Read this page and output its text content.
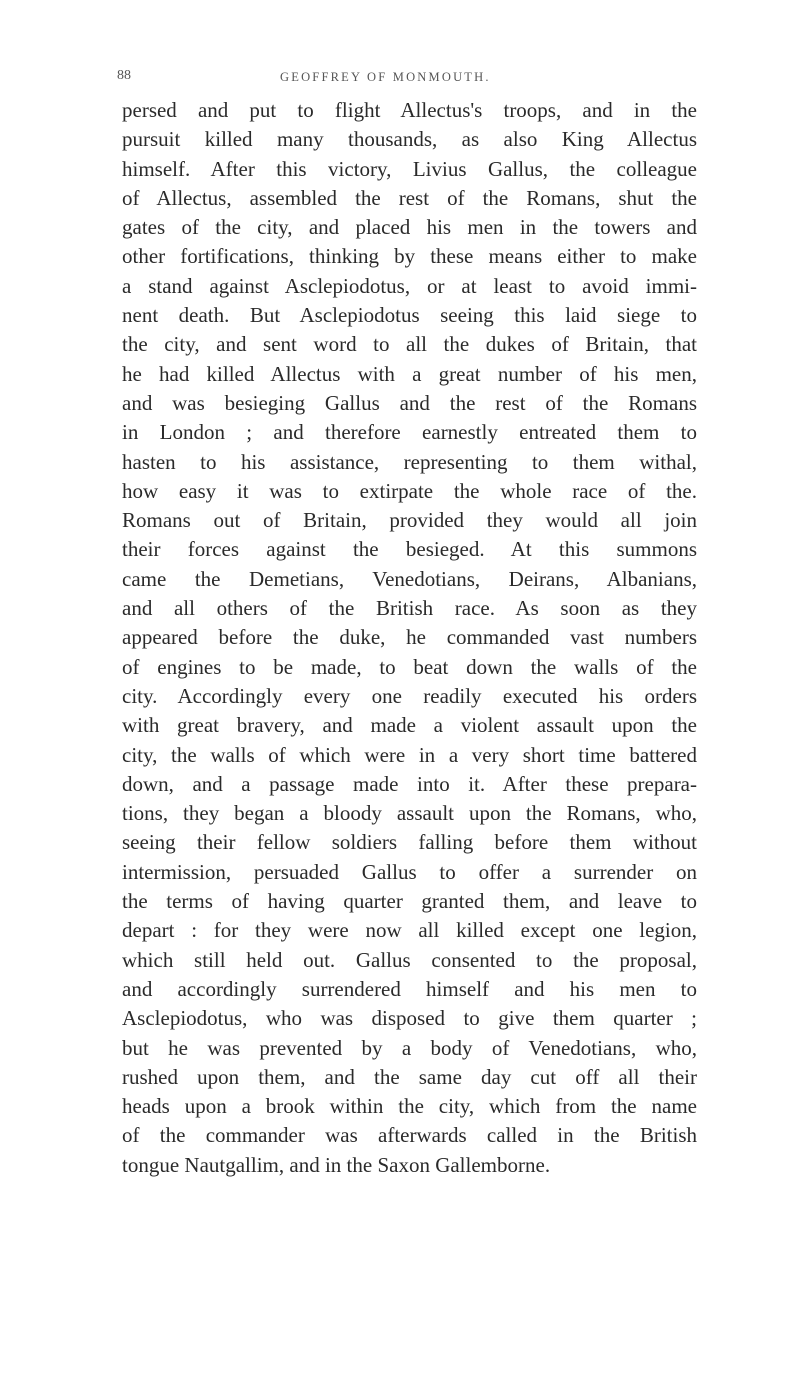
88	GEOFFREY OF MONMOUTH.
persed and put to flight Allectus's troops, and in the
pursuit killed many thousands, as also King Allectus
himself. After this victory, Livius Gallus, the colleague
of Allectus, assembled the rest of the Romans, shut the
gates of the city, and placed his men in the towers and
other fortifications, thinking by these means either to make
a stand against Asclepiodotus, or at least to avoid immi-
nent death. But Asclepiodotus seeing this laid siege to
the city, and sent word to all the dukes of Britain, that
he had killed Allectus with a great number of his men,
and was besieging Gallus and the rest of the Romans
in London ; and therefore earnestly entreated them to
hasten to his assistance, representing to them withal,
how easy it was to extirpate the whole race of the.
Romans out of Britain, provided they would all join
their forces against the besieged. At this summons
came the Demetians, Venedotians, Deirans, Albanians,
and all others of the British race. As soon as they
appeared before the duke, he commanded vast numbers
of engines to be made, to beat down the walls of the
city. Accordingly every one readily executed his orders
with great bravery, and made a violent assault upon the
city, the walls of which were in a very short time battered
down, and a passage made into it. After these prepara-
tions, they began a bloody assault upon the Romans, who,
seeing their fellow soldiers falling before them without
intermission, persuaded Gallus to offer a surrender on
the terms of having quarter granted them, and leave to
depart : for they were now all killed except one legion,
which still held out. Gallus consented to the proposal,
and accordingly surrendered himself and his men to
Asclepiodotus, who was disposed to give them quarter ;
but he was prevented by a body of Venedotians, who,
rushed upon them, and the same day cut off all their
heads upon a brook within the city, which from the name
of the commander was afterwards called in the British
tongue Nautgallim, and in the Saxon Gallemborne.
